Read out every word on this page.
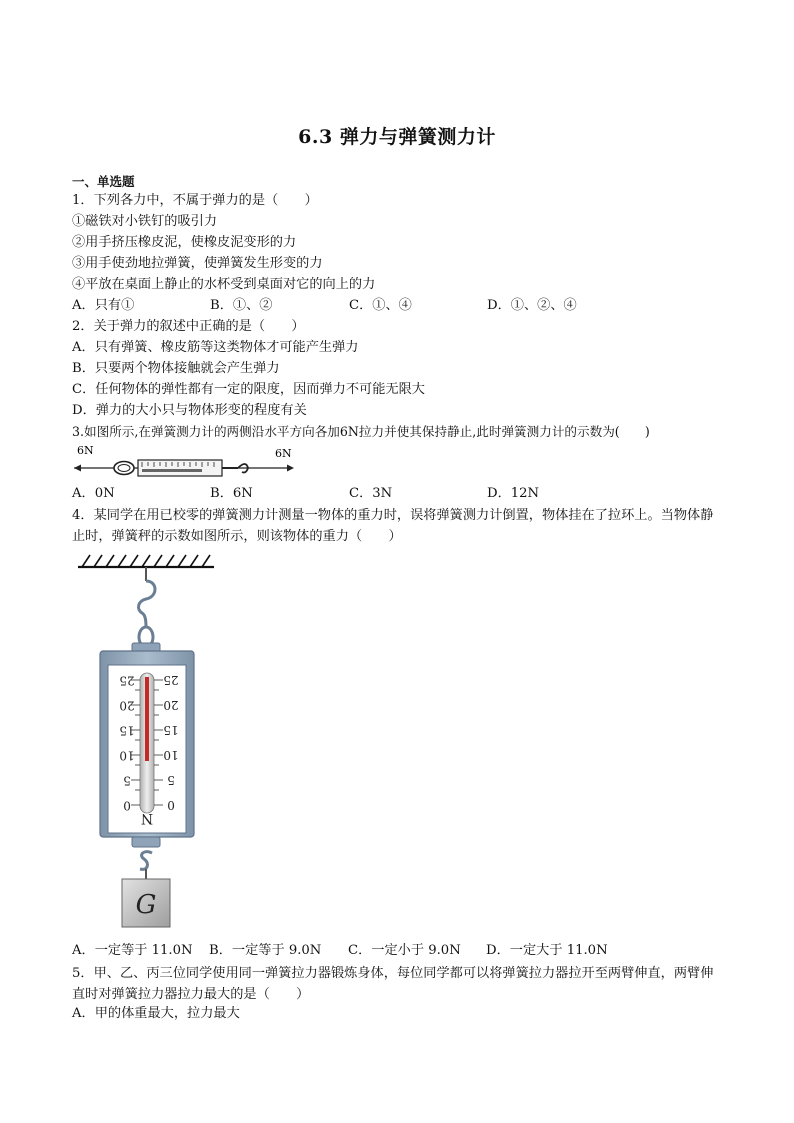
6.3 弹力与弹簧测力计
一、单选题
1．下列各力中，不属于弹力的是（　　）
①磁铁对小铁钉的吸引力
②用手挤压橡皮泥，使橡皮泥变形的力
③用手使劲地拉弹簧，使弹簧发生形变的力
④平放在桌面上静止的水杯受到桌面对它的向上的力
A．只有①	B．①、②	C．①、④	D．①、②、④
2．关于弹力的叙述中正确的是（　　）
A．只有弹簧、橡皮筋等这类物体才可能产生弹力
B．只要两个物体接触就会产生弹力
C．任何物体的弹性都有一定的限度，因而弹力不可能无限大
D．弹力的大小只与物体形变的程度有关
3.如图所示,在弹簧测力计的两侧沿水平方向各加6N拉力并使其保持静止,此时弹簧测力计的示数为(　　)
6N	6N
A．0N	B．6N	C．3N	D．12N
4．某同学在用已校零的弹簧测力计测量一物体的重力时，误将弹簧测力计倒置，物体挂在了拉环上。当物体静止时，弹簧秤的示数如图所示，则该物体的重力（　　）
25
20
15
10
5
0
25
20
15
10
5
0
N
G
A．一定等于 11.0N B．一定等于 9.0N C．一定小于 9.0N D．一定大于 11.0N
5．甲、乙、丙三位同学使用同一弹簧拉力器锻炼身体，每位同学都可以将弹簧拉力器拉开至两臂伸直，两臂伸直时对弹簧拉力器拉力最大的是（　　）
A．甲的体重最大，拉力最大
